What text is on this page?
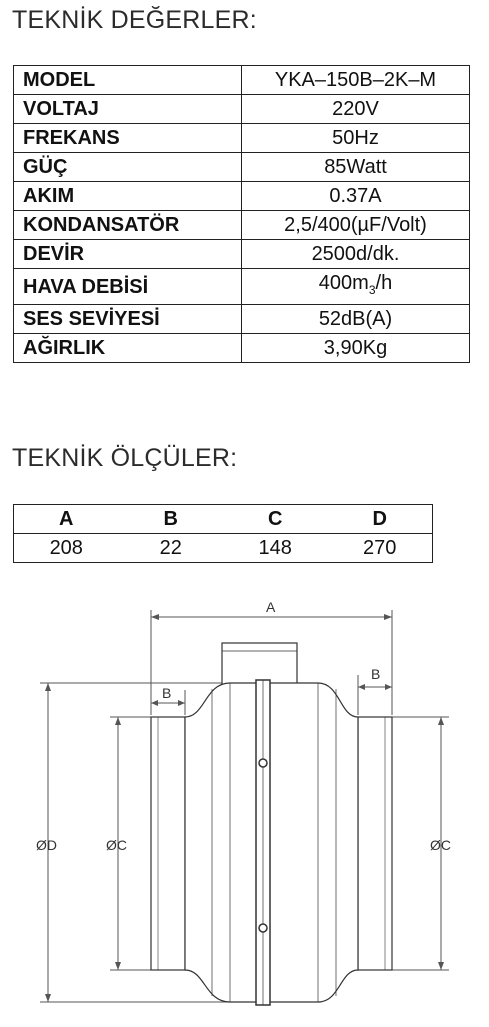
TEKNİK DEĞERLER:
MODEL	YKA–150B–2K–M
VOLTAJ	220V
FREKANS	50Hz
GÜÇ	85Watt
AKIM	0.37A
KONDANSATÖR	2,5/400(µF/Volt)
DEVİR	2500d/dk.
HAVA DEBİSİ	$400m_3/h$
SES SEVİYESİ	52dB(A)
AĞIRLIK	3,90Kg
TEKNİK ÖLÇÜLER:
A	B	C	D
208	22	148	270
A
B
B
ØD	ØC	ØC
